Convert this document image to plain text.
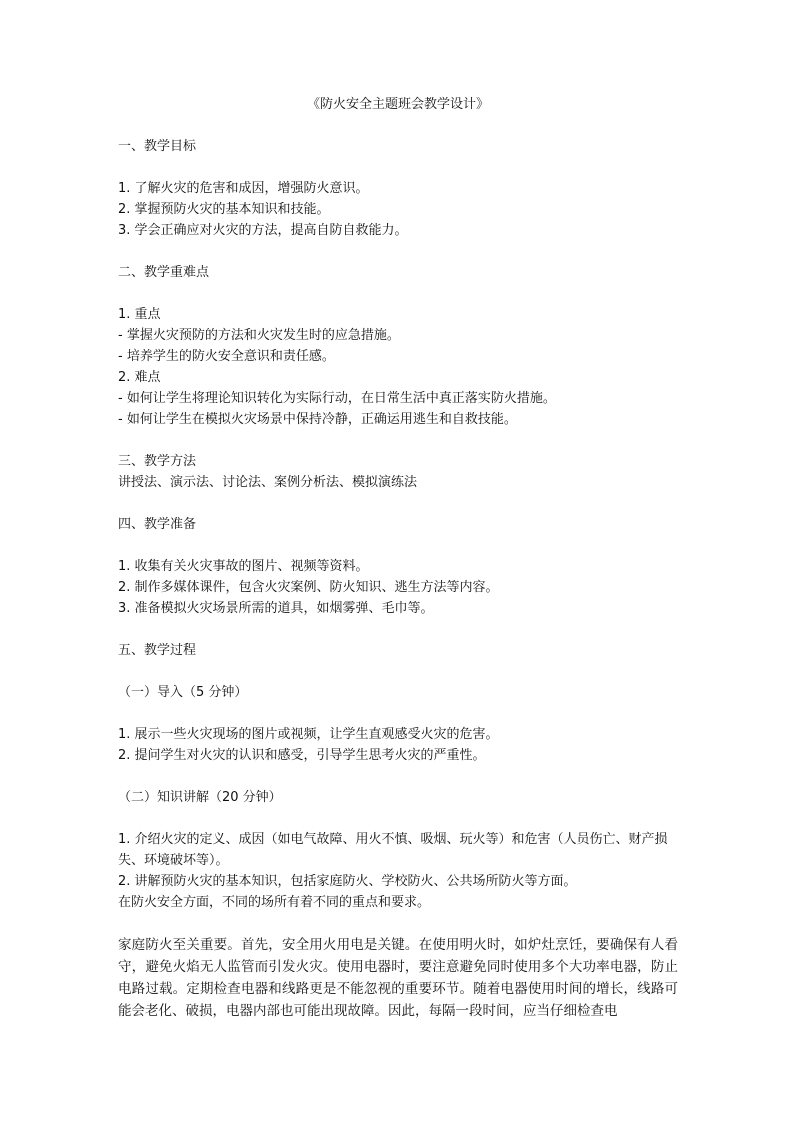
《防火安全主题班会教学设计》
一、教学目标
1. 了解火灾的危害和成因，增强防火意识。
2. 掌握预防火灾的基本知识和技能。
3. 学会正确应对火灾的方法，提高自防自救能力。
二、教学重难点
1. 重点
- 掌握火灾预防的方法和火灾发生时的应急措施。
- 培养学生的防火安全意识和责任感。
2. 难点
- 如何让学生将理论知识转化为实际行动，在日常生活中真正落实防火措施。
- 如何让学生在模拟火灾场景中保持冷静，正确运用逃生和自救技能。
三、教学方法
讲授法、演示法、讨论法、案例分析法、模拟演练法
四、教学准备
1. 收集有关火灾事故的图片、视频等资料。
2. 制作多媒体课件，包含火灾案例、防火知识、逃生方法等内容。
3. 准备模拟火灾场景所需的道具，如烟雾弹、毛巾等。
五、教学过程
（一）导入（5 分钟）
1. 展示一些火灾现场的图片或视频，让学生直观感受火灾的危害。
2. 提问学生对火灾的认识和感受，引导学生思考火灾的严重性。
（二）知识讲解（20 分钟）
1. 介绍火灾的定义、成因（如电气故障、用火不慎、吸烟、玩火等）和危害（人员伤亡、财产损失、环境破坏等）。
2. 讲解预防火灾的基本知识，包括家庭防火、学校防火、公共场所防火等方面。
在防火安全方面，不同的场所有着不同的重点和要求。
家庭防火至关重要。首先，安全用火用电是关键。在使用明火时，如炉灶烹饪，要确保有人看守，避免火焰无人监管而引发火灾。使用电器时，要注意避免同时使用多个大功率电器，防止电路过载。定期检查电器和线路更是不能忽视的重要环节。随着电器使用时间的增长，线路可能会老化、破损，电器内部也可能出现故障。因此，每隔一段时间，应当仔细检查电
